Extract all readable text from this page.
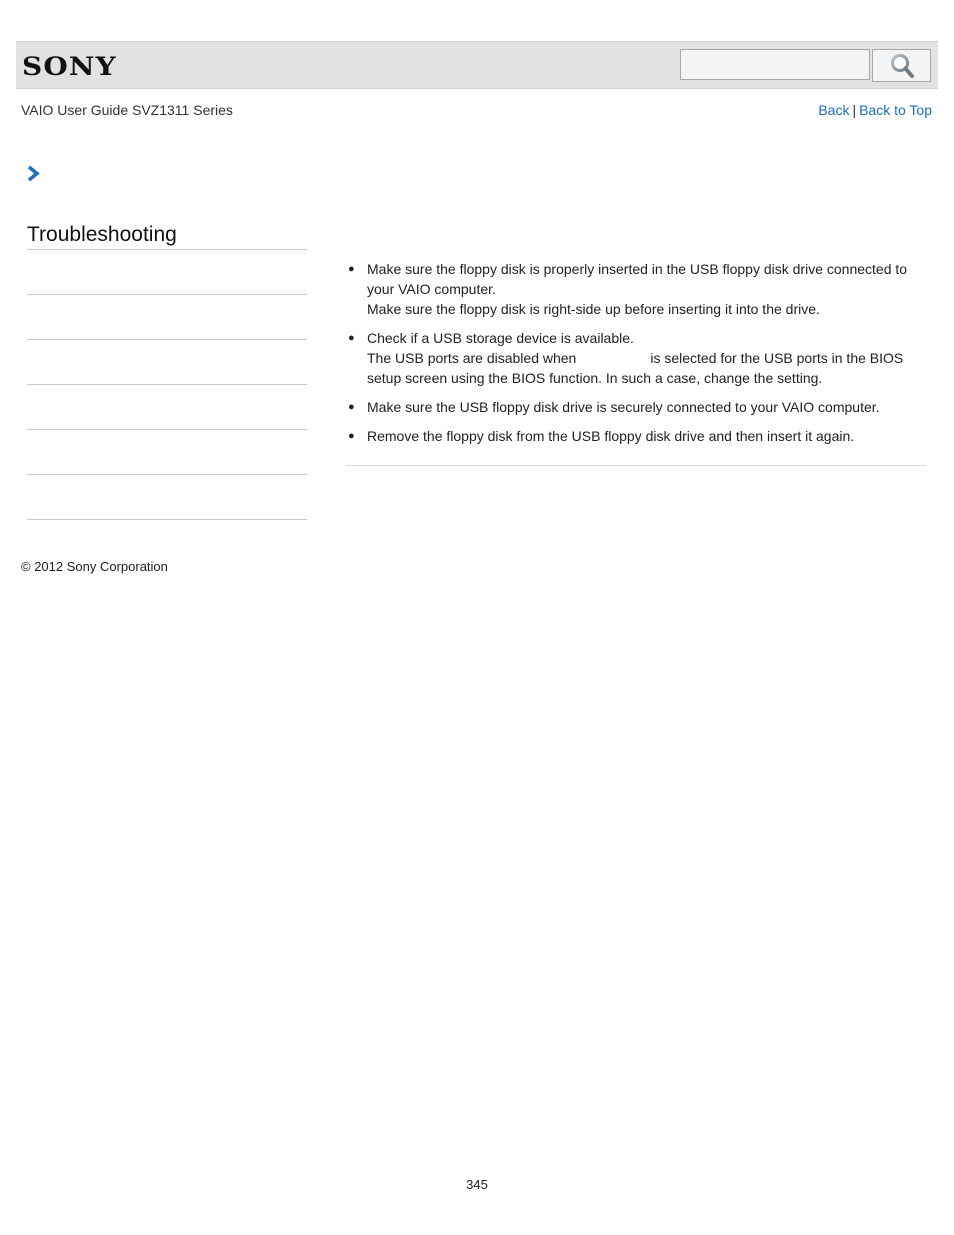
SONY
VAIO User Guide SVZ1311 Series	Back | Back to Top
Troubleshooting
● Make sure the floppy disk is properly inserted in the USB floppy disk drive connected to
your VAIO computer.
Make sure the floppy disk is right-side up before inserting it into the drive.
● Check if a USB storage device is available.
The USB ports are disabled when	is selected for the USB ports in the BIOS
setup screen using the BIOS function. In such a case, change the setting.
● Make sure the USB floppy disk drive is securely connected to your VAIO computer.
● Remove the floppy disk from the USB floppy disk drive and then insert it again.
© 2012 Sony Corporation
345
